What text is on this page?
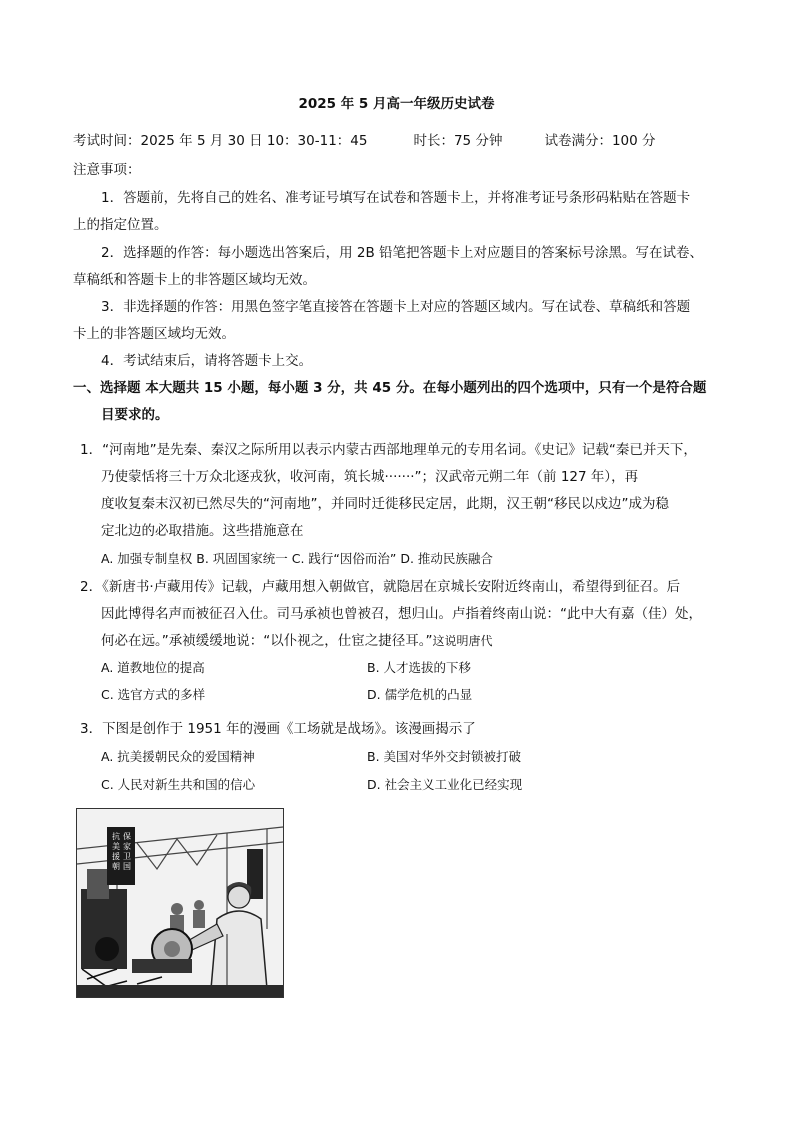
2025 年 5 月高一年级历史试卷
考试时间：2025 年 5 月 30 日 10：30-11：45	时长：75 分钟	试卷满分：100 分
注意事项：
1．答题前，先将自己的姓名、准考证号填写在试卷和答题卡上，并将准考证号条形码粘贴在答题卡
上的指定位置。
2．选择题的作答：每小题选出答案后，用 2B 铅笔把答题卡上对应题目的答案标号涂黑。写在试卷、
草稿纸和答题卡上的非答题区域均无效。
3．非选择题的作答：用黑色签字笔直接答在答题卡上对应的答题区域内。写在试卷、草稿纸和答题
卡上的非答题区域均无效。
4．考试结束后，请将答题卡上交。
一、选择题 本大题共 15 小题，每小题 3 分，共 45 分。在每小题列出的四个选项中，只有一个是符合题
目要求的。
1．“河南地”是先秦、秦汉之际所用以表示内蒙古西部地理单元的专用名词。《史记》记载“秦已并天下，
乃使蒙恬将三十万众北逐戎狄，收河南，筑长城·······”；汉武帝元朔二年（前 127 年），再
度收复秦末汉初已然尽失的“河南地”，并同时迁徙移民定居，此期，汉王朝“移民以戍边”成为稳
定北边的必取措施。这些措施意在
A. 加强专制皇权 B. 巩固国家统一 C. 践行“因俗而治” D. 推动民族融合
2．《新唐书·卢藏用传》记载，卢藏用想入朝做官，就隐居在京城长安附近终南山，希望得到征召。后
因此博得名声而被征召入仕。司马承祯也曾被召，想归山。卢指着终南山说：“此中大有嘉（佳）处，
何必在远。”承祯缓缓地说：“以仆视之，仕宦之捷径耳。”这说明唐代
A. 道教地位的提高	B. 人才选拔的下移
C. 选官方式的多样	D. 儒学危机的凸显
3．下图是创作于 1951 年的漫画《工场就是战场》。该漫画揭示了
A. 抗美援朝民众的爱国精神	B. 美国对华外交封锁被打破
C. 人民对新生共和国的信心	D. 社会主义工业化已经实现
抗
美
援
朝
保
家
卫
国
